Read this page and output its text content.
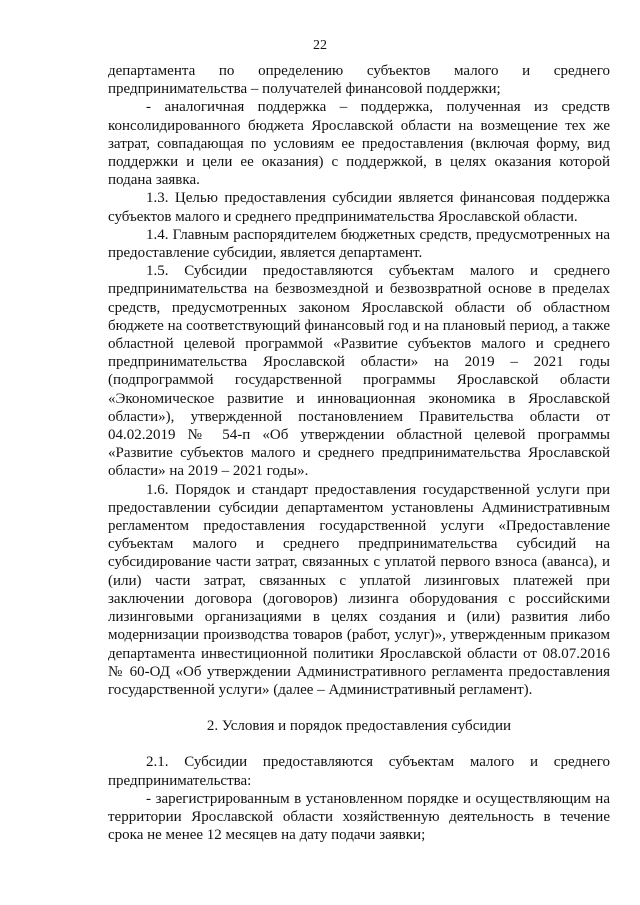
22

департамента по определению субъектов малого и среднего предпринимательства – получателей финансовой поддержки;

- аналогичная поддержка – поддержка, полученная из средств консолидированного бюджета Ярославской области на возмещение тех же затрат, совпадающая по условиям ее предоставления (включая форму, вид поддержки и цели ее оказания) с поддержкой, в целях оказания которой подана заявка.

1.3. Целью предоставления субсидии является финансовая поддержка субъектов малого и среднего предпринимательства Ярославской области.

1.4. Главным распорядителем бюджетных средств, предусмотренных на предоставление субсидии, является департамент.

1.5. Субсидии предоставляются субъектам малого и среднего предпринимательства на безвозмездной и безвозвратной основе в пределах средств, предусмотренных законом Ярославской области об областном бюджете на соответствующий финансовый год и на плановый период, а также областной целевой программой «Развитие субъектов малого и среднего предпринимательства Ярославской области» на 2019 – 2021 годы (подпрограммой государственной программы Ярославской области «Экономическое развитие и инновационная экономика в Ярославской области»), утвержденной постановлением Правительства области от 04.02.2019 № 54-п «Об утверждении областной целевой программы «Развитие субъектов малого и среднего предпринимательства Ярославской области» на 2019 – 2021 годы».

1.6. Порядок и стандарт предоставления государственной услуги при предоставлении субсидии департаментом установлены Административным регламентом предоставления государственной услуги «Предоставление субъектам малого и среднего предпринимательства субсидий на субсидирование части затрат, связанных с уплатой первого взноса (аванса), и (или) части затрат, связанных с уплатой лизинговых платежей при заключении договора (договоров) лизинга оборудования с российскими лизинговыми организациями в целях создания и (или) развития либо модернизации производства товаров (работ, услуг)», утвержденным приказом департамента инвестиционной политики Ярославской области от 08.07.2016 № 60-ОД «Об утверждении Административного регламента предоставления государственной услуги» (далее – Административный регламент).

2. Условия и порядок предоставления субсидии

2.1. Субсидии предоставляются субъектам малого и среднего предпринимательства:

- зарегистрированным в установленном порядке и осуществляющим на территории Ярославской области хозяйственную деятельность в течение срока не менее 12 месяцев на дату подачи заявки;
